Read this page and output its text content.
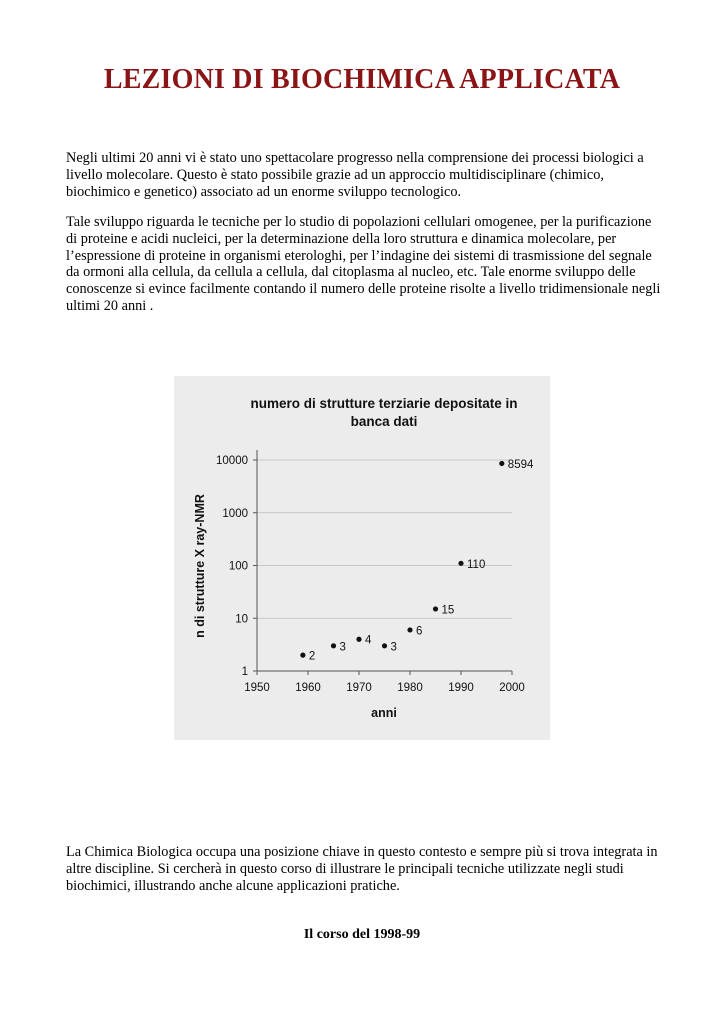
LEZIONI DI BIOCHIMICA APPLICATA

Negli ultimi 20 anni vi è stato uno spettacolare progresso nella comprensione dei processi biologici a livello molecolare. Questo è stato possibile grazie ad un approccio multidisciplinare (chimico, biochimico e genetico) associato ad un enorme sviluppo tecnologico.

Tale sviluppo riguarda le tecniche per lo studio di popolazioni cellulari omogenee, per la purificazione di proteine e acidi nucleici, per la determinazione della loro struttura e dinamica molecolare, per l’espressione di proteine in organismi eterologhi, per l’indagine dei sistemi di trasmissione del segnale da ormoni alla cellula, da cellula a cellula, dal citoplasma al nucleo, etc. Tale enorme sviluppo delle conoscenze si evince facilmente contando il numero delle proteine risolte a livello tridimensionale negli ultimi 20 anni .

numero di strutture terziarie depositate in
banca dati
10000
1000
100
10
1
1950 1960 1970 1980 1990 2000
2
3
4
3
6
15
110
8594
anni
n di strutture X ray-NMR

La Chimica Biologica occupa una posizione chiave in questo contesto e sempre più si trova integrata in altre discipline. Si cercherà in questo corso di illustrare le principali tecniche utilizzate negli studi biochimici, illustrando anche alcune applicazioni pratiche.

Il corso del 1998-99
